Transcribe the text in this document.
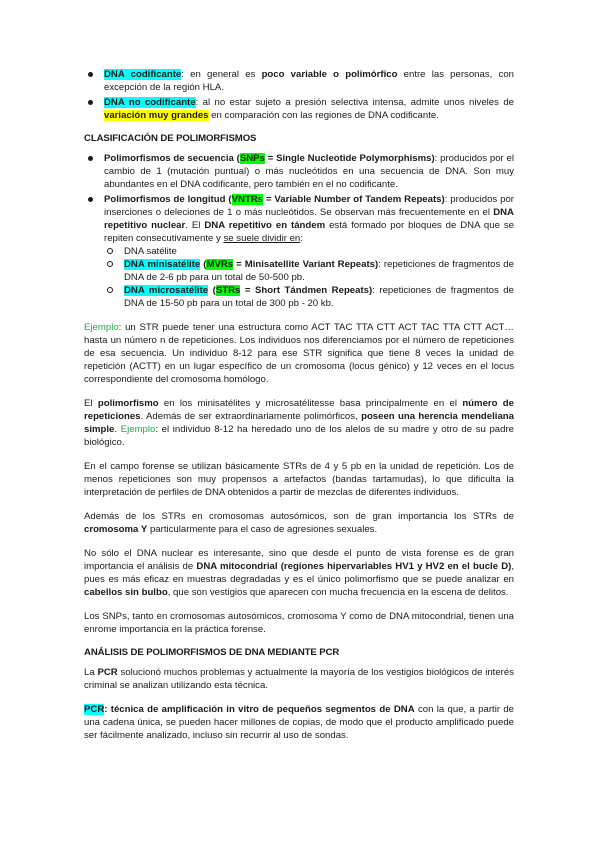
DNA codificante: en general es poco variable o polimórfico entre las personas, con excepción de la región HLA.
DNA no codificante: al no estar sujeto a presión selectiva intensa, admite unos niveles de variación muy grandes en comparación con las regiones de DNA codificante.
CLASIFICACIÓN DE POLIMORFISMOS
Polimorfismos de secuencia (SNPs = Single Nucleotide Polymorphisms): producidos por el cambio de 1 (mutación puntual) o más nucleótidos en una secuencia de DNA. Son muy abundantes en el DNA codificante, pero también en el no codificante.
Polimorfismos de longitud (VNTRs = Variable Number of Tandem Repeats): producidos por inserciones o deleciones de 1 o más nucleótidos. Se observan más frecuentemente en el DNA repetitivo nuclear. El DNA repetitivo en tándem está formado por bloques de DNA que se repiten consecutivamente y se suele dividir en:
DNA satélite
DNA minisatélite (MVRs = Minisatellite Variant Repeats): repeticiones de fragmentos de DNA de 2-6 pb para un total de 50-500 pb.
DNA microsatélite (STRs = Short Tándmen Repeats): repeticiones de fragmentos de DNA de 15-50 pb para un total de 300 pb - 20 kb.

Ejemplo: un STR puede tener una estructura como ACT TAC TTA CTT ACT TAC TTA CTT ACT… hasta un número n de repeticiones. Los individuos nos diferenciamos por el número de repeticiones de esa secuencia. Un individuo 8-12 para ese STR significa que tiene 8 veces la unidad de repetición (ACTT) en un lugar específico de un cromosoma (locus génico) y 12 veces en el locus correspondiente del cromosoma homólogo.

El polimorfismo en los minisatélites y microsatélitesse basa principalmente en el número de repeticiones. Además de ser extraordinariamente polimórficos, poseen una herencia mendeliana simple. Ejemplo: el individuo 8-12 ha heredado uno de los alelos de su madre y otro de su padre biológico.

En el campo forense se utilizan básicamente STRs de 4 y 5 pb en la unidad de repetición. Los de menos repeticiones son muy propensos a artefactos (bandas tartamudas), lo que dificulta la interpretación de perfiles de DNA obtenidos a partir de mezclas de diferentes individuos.

Además de los STRs en cromosomas autosómicos, son de gran importancia los STRs de cromosoma Y particularmente para el caso de agresiones sexuales.

No sólo el DNA nuclear es interesante, sino que desde el punto de vista forense es de gran importancia el análisis de DNA mitocondrial (regiones hipervariables HV1 y HV2 en el bucle D), pues es más eficaz en muestras degradadas y es el único polimorfismo que se puede analizar en cabellos sin bulbo, que son vestigios que aparecen con mucha frecuencia en la escena de delitos.

Los SNPs, tanto en cromosomas autosómicos, cromosoma Y como de DNA mitocondrial, tienen una enrome importancia en la práctica forense.

ANÁLISIS DE POLIMORFISMOS DE DNA MEDIANTE PCR

La PCR solucionó muchos problemas y actualmente la mayoría de los vestigios biológicos de interés criminal se analizan utilizando esta técnica.

PCR: técnica de amplificación in vitro de pequeños segmentos de DNA con la que, a partir de una cadena única, se pueden hacer millones de copias, de modo que el producto amplificado puede ser fácilmente analizado, incluso sin recurrir al uso de sondas.
